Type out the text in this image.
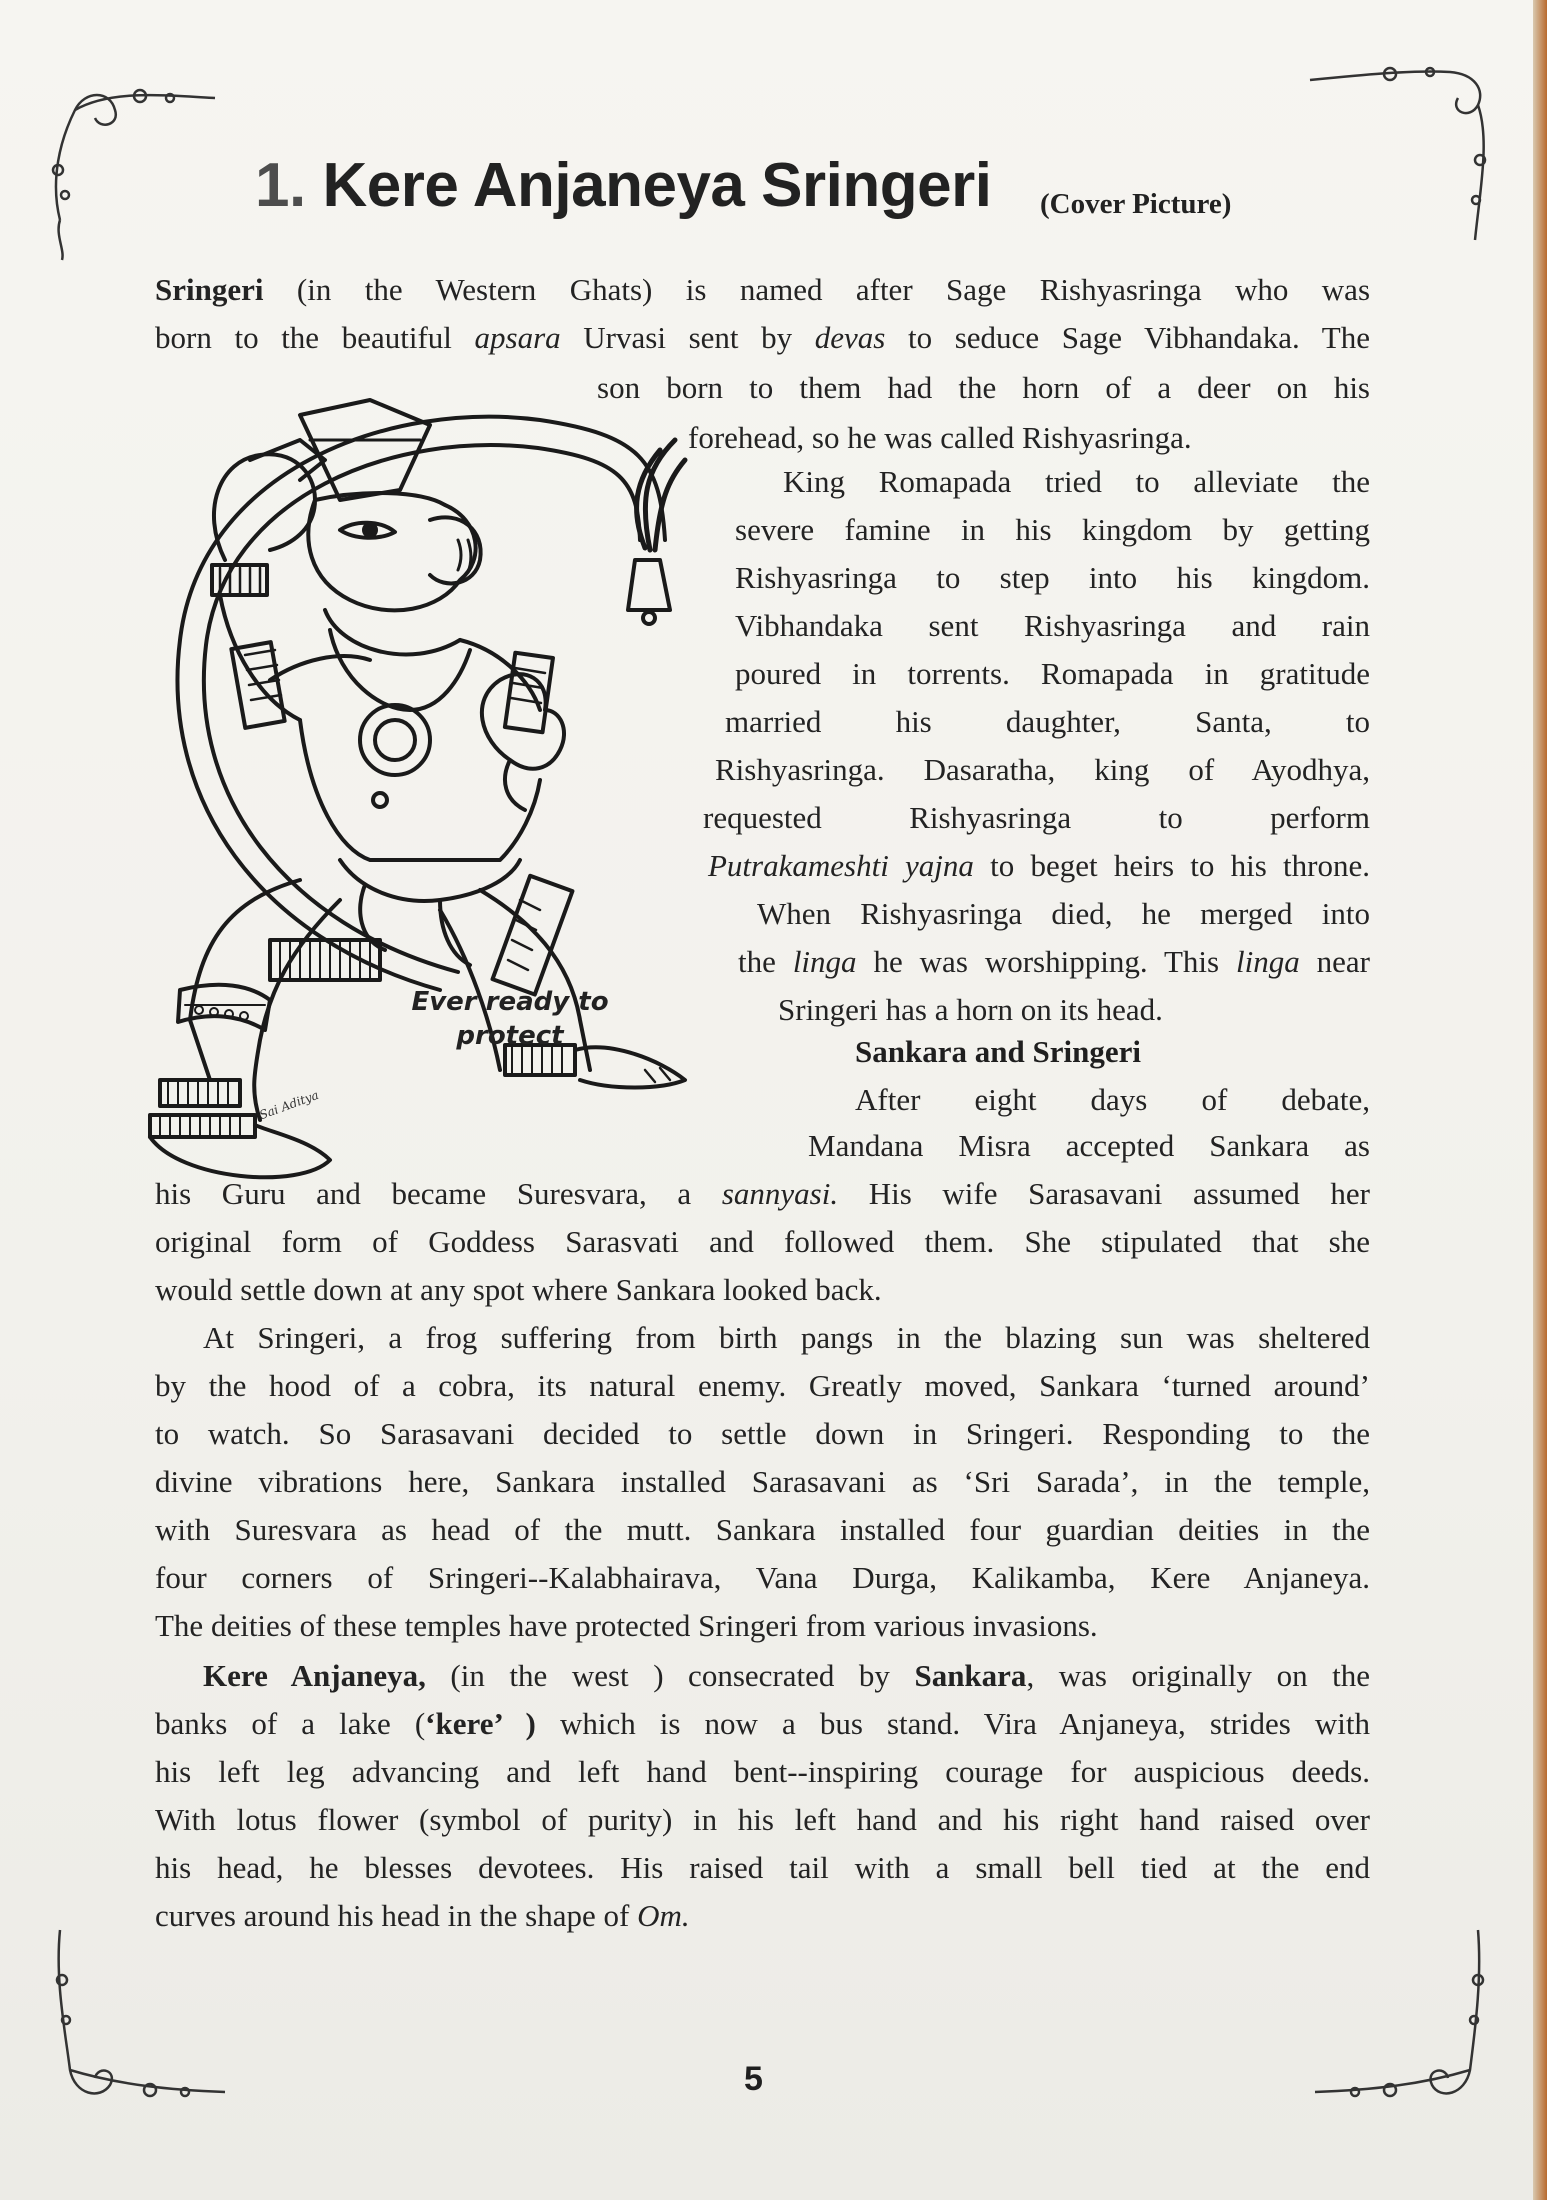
1. Kere Anjaneya Sringeri (Cover Picture)
Sringeri (in the Western Ghats) is named after Sage Rishyasringa who was
born to the beautiful apsara Urvasi sent by devas to seduce Sage Vibhandaka. The
son born to them had the horn of a deer on his
forehead, so he was called Rishyasringa.
King Romapada tried to alleviate the
severe famine in his kingdom by getting
Rishyasringa to step into his kingdom.
Vibhandaka sent Rishyasringa and rain
poured in torrents. Romapada in gratitude
married his daughter, Santa, to
Rishyasringa. Dasaratha, king of Ayodhya,
requested Rishyasringa to perform
Putrakameshti yajna to beget heirs to his throne.
When Rishyasringa died, he merged into
the linga he was worshipping. This linga near
Sringeri has a horn on its head.
Sankara and Sringeri
After eight days of debate,
Mandana Misra accepted Sankara as
his Guru and became Suresvara, a sannyasi. His wife Sarasavani assumed her
original form of Goddess Sarasvati and followed them. She stipulated that she
would settle down at any spot where Sankara looked back.
At Sringeri, a frog suffering from birth pangs in the blazing sun was sheltered
by the hood of a cobra, its natural enemy. Greatly moved, Sankara ‘turned around’
to watch. So Sarasavani decided to settle down in Sringeri. Responding to the
divine vibrations here, Sankara installed Sarasavani as ‘Sri Sarada’, in the temple,
with Suresvara as head of the mutt. Sankara installed four guardian deities in the
four corners of Sringeri--Kalabhairava, Vana Durga, Kalikamba, Kere Anjaneya.
The deities of these temples have protected Sringeri from various invasions.
Kere Anjaneya, (in the west ) consecrated by Sankara, was originally on the
banks of a lake (‘kere’ ) which is now a bus stand. Vira Anjaneya, strides with
his left leg advancing and left hand bent--inspiring courage for auspicious deeds.
With lotus flower (symbol of purity) in his left hand and his right hand raised over
his head, he blesses devotees. His raised tail with a small bell tied at the end
curves around his head in the shape of Om.
Ever ready to
protect
Sai Aditya
5
